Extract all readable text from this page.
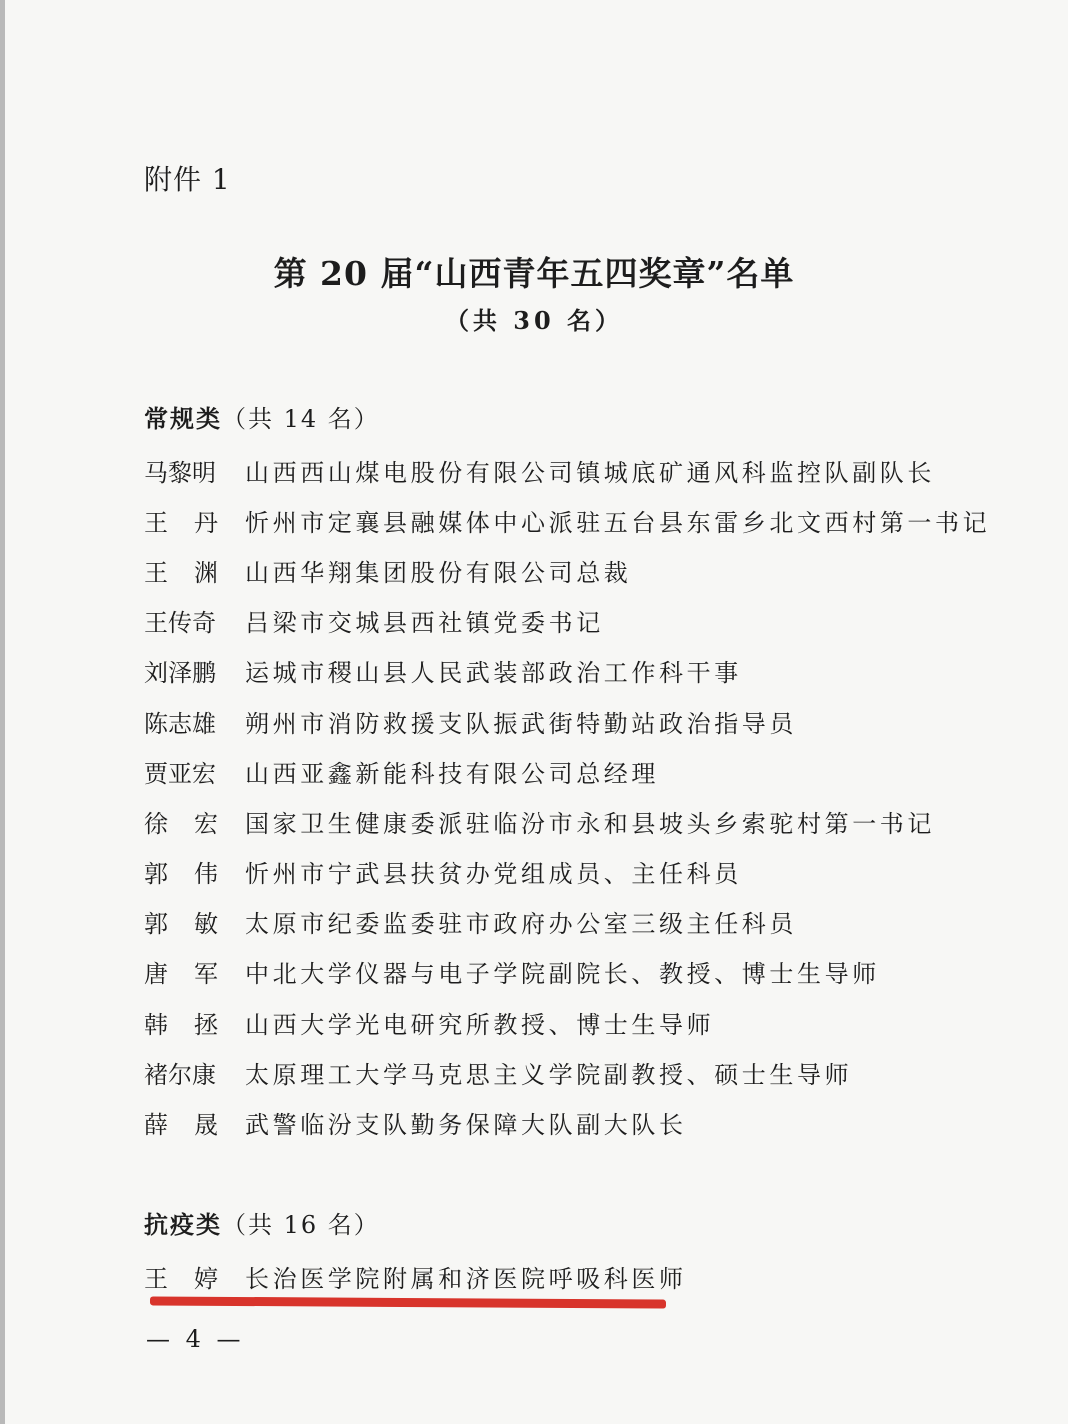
附件 1
第 20 届“山西青年五四奖章”名单
（共 30 名）
常规类（共 14 名）
马黎明	山西西山煤电股份有限公司镇城底矿通风科监控队副队长
王 丹 忻州市定襄县融媒体中心派驻五台县东雷乡北文西村第一书记
王 渊 山西华翔集团股份有限公司总裁
王传奇	吕梁市交城县西社镇党委书记
刘泽鹏	运城市稷山县人民武装部政治工作科干事
陈志雄	朔州市消防救援支队振武街特勤站政治指导员
贾亚宏	山西亚鑫新能科技有限公司总经理
徐 宏 国家卫生健康委派驻临汾市永和县坡头乡索驼村第一书记
郭 伟 忻州市宁武县扶贫办党组成员、主任科员
郭 敏 太原市纪委监委驻市政府办公室三级主任科员
唐 军 中北大学仪器与电子学院副院长、教授、博士生导师
韩 拯 山西大学光电研究所教授、博士生导师
褚尔康	太原理工大学马克思主义学院副教授、硕士生导师
薛 晟 武警临汾支队勤务保障大队副大队长
抗疫类（共 16 名）
王 婷 长治医学院附属和济医院呼吸科医师
— 4 —
